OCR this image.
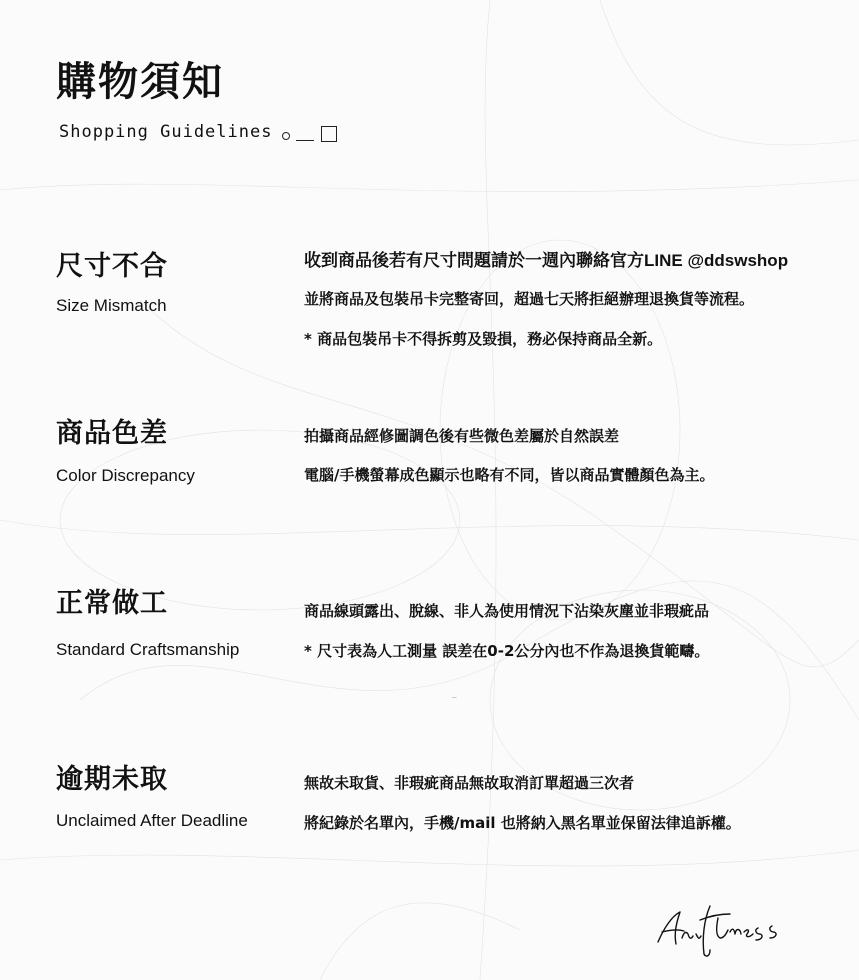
購物須知
Shopping Guidelines
尺寸不合
Size Mismatch
收到商品後若有尺寸問題請於一週內聯絡官方LINE @ddswshop
並將商品及包裝吊卡完整寄回，超過七天將拒絕辦理退換貨等流程。
* 商品包裝吊卡不得拆剪及毀損，務必保持商品全新。
商品色差
Color Discrepancy
拍攝商品經修圖調色後有些微色差屬於自然誤差
電腦/手機螢幕成色顯示也略有不同，皆以商品實體顏色為主。
正常做工
Standard Craftsmanship
商品線頭露出、脫線、非人為使用情況下沾染灰塵並非瑕疵品
* 尺寸表為人工測量 誤差在0-2公分內也不作為退換貨範疇。
逾期未取
Unclaimed After Deadline
無故未取貨、非瑕疵商品無故取消訂單超過三次者
將紀錄於名單內，手機/mail 也將納入黑名單並保留法律追訴權。
Driftness
